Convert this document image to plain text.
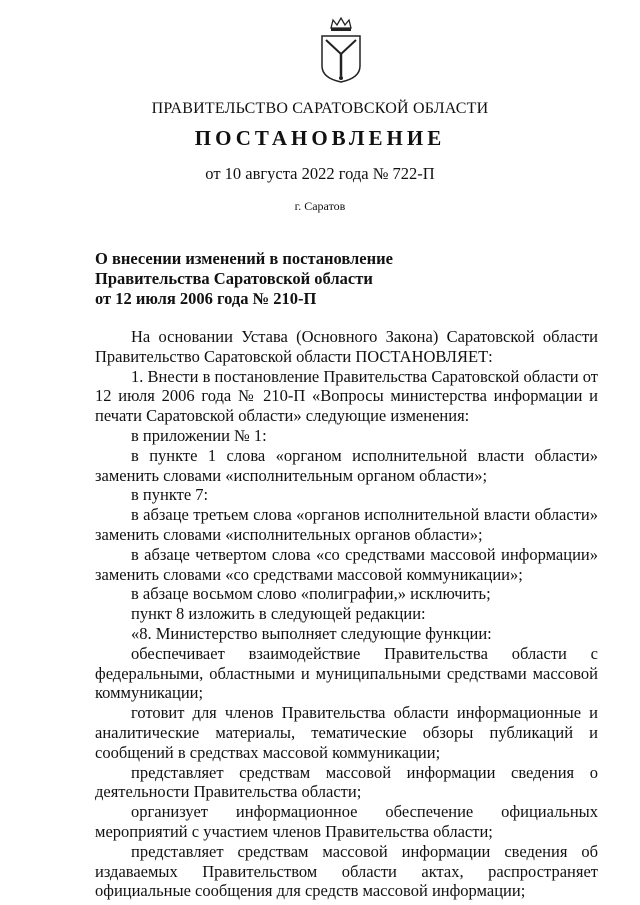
ПРАВИТЕЛЬСТВО САРАТОВСКОЙ ОБЛАСТИ
ПОСТАНОВЛЕНИЕ
от 10 августа 2022 года № 722-П
г. Саратов
О внесении изменений в постановление
Правительства Саратовской области
от 12 июля 2006 года № 210-П

На основании Устава (Основного Закона) Саратовской области Правительство Саратовской области ПОСТАНОВЛЯЕТ:

1. Внести в постановление Правительства Саратовской области от 12 июля 2006 года № 210-П «Вопросы министерства информации и печати Саратовской области» следующие изменения:

в приложении № 1:

в пункте 1 слова «органом исполнительной власти области» заменить словами «исполнительным органом области»;

в пункте 7:

в абзаце третьем слова «органов исполнительной власти области» заменить словами «исполнительных органов области»;

в абзаце четвертом слова «со средствами массовой информации» заменить словами «со средствами массовой коммуникации»;

в абзаце восьмом слово «полиграфии,» исключить;

пункт 8 изложить в следующей редакции:

«8. Министерство выполняет следующие функции:

обеспечивает взаимодействие Правительства области с федеральными, областными и муниципальными средствами массовой коммуникации;

готовит для членов Правительства области информационные и аналитические материалы, тематические обзоры публикаций и сообщений в средствах массовой коммуникации;

представляет средствам массовой информации сведения о деятельности Правительства области;

организует информационное обеспечение официальных мероприятий с участием членов Правительства области;

представляет средствам массовой информации сведения об издаваемых Правительством области актах, распространяет официальные сообщения для средств массовой информации;
